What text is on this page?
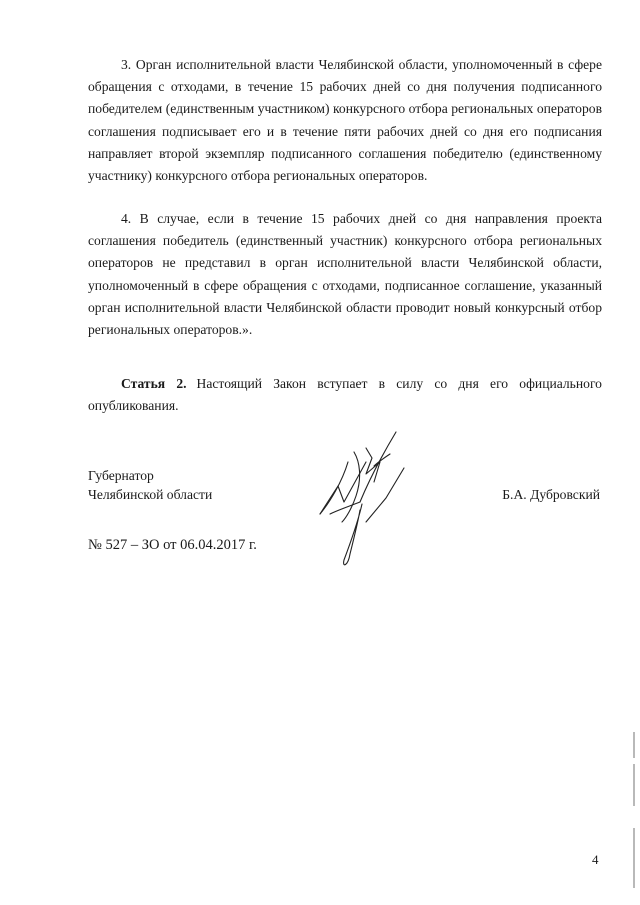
3. Орган исполнительной власти Челябинской области, уполномоченный в сфере обращения с отходами, в течение 15 рабочих дней со дня получения подписанного победителем (единственным участником) конкурсного отбора региональных операторов соглашения подписывает его и в течение пяти рабочих дней со дня его подписания направляет второй экземпляр подписанного соглашения победителю (единственному участнику) конкурсного отбора региональных операторов.

4. В случае, если в течение 15 рабочих дней со дня направления проекта соглашения победитель (единственный участник) конкурсного отбора региональных операторов не представил в орган исполнительной власти Челябинской области, уполномоченный в сфере обращения с отходами, подписанное соглашение, указанный орган исполнительной власти Челябинской области проводит новый конкурсный отбор региональных операторов.».

Статья 2. Настоящий Закон вступает в силу со дня его официального опубликования.

Губернатор
Челябинской области	Б.А. Дубровский
№ 527 – ЗО от 06.04.2017 г.
4
